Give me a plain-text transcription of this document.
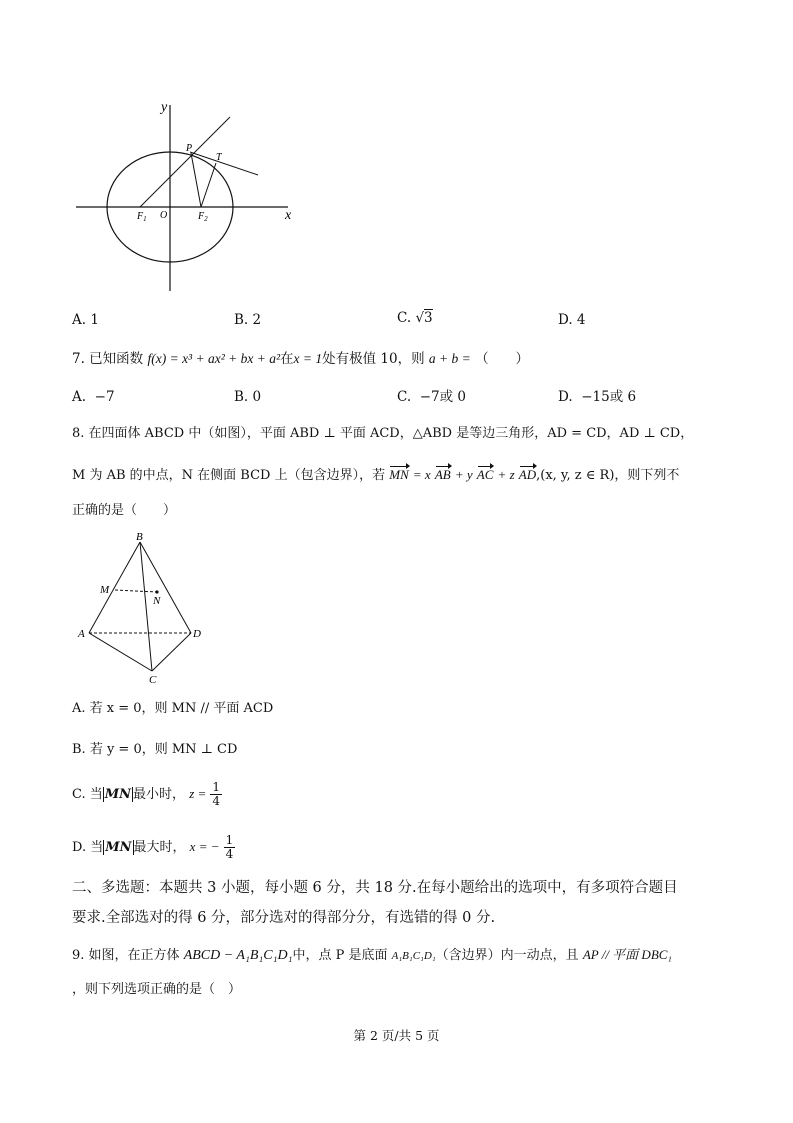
y
x
P
T
$F_1$ O	$F_2$
A. 1	B. 2	C. √3	D. 4
7. 已知函数 f(x) = x³ + ax² + bx + a²在x = 1处有极值 10，则 a + b = （　　）
A. −7	B. 0	C. −7或 0	D. −15或 6
8. 在四面体 ABCD 中（如图），平面 ABD ⊥ 平面 ACD，△ABD 是等边三角形，AD = CD，AD ⊥ CD，
M 为 AB 的中点，N 在侧面 BCD 上（包含边界），若 MN = x AB + y AC + z AD,(x, y, z ∈ R)，则下列不
正确的是（　　）
B
M
N
A	D
C
A. 若 x = 0，则 MN // 平面 ACD
B. 若 y = 0，则 MN ⊥ CD
C. 当 MN 最小时， $z = \frac{1}{4}$
D. 当 MN 最大时， x = − $\frac{1}{4}$
二、多选题：本题共 3 小题，每小题 6 分，共 18 分.在每小题给出的选项中，有多项符合题目
要求.全部选对的得 6 分，部分选对的得部分分，有选错的得 0 分.
9. 如图，在正方体 ABCD − A₁B₁C₁D₁中，点 P 是底面 A₁B₁C₁D₁（含边界）内一动点，且 AP // 平面 DBC₁
，则下列选项正确的是（　）
第 2 页/共 5 页
